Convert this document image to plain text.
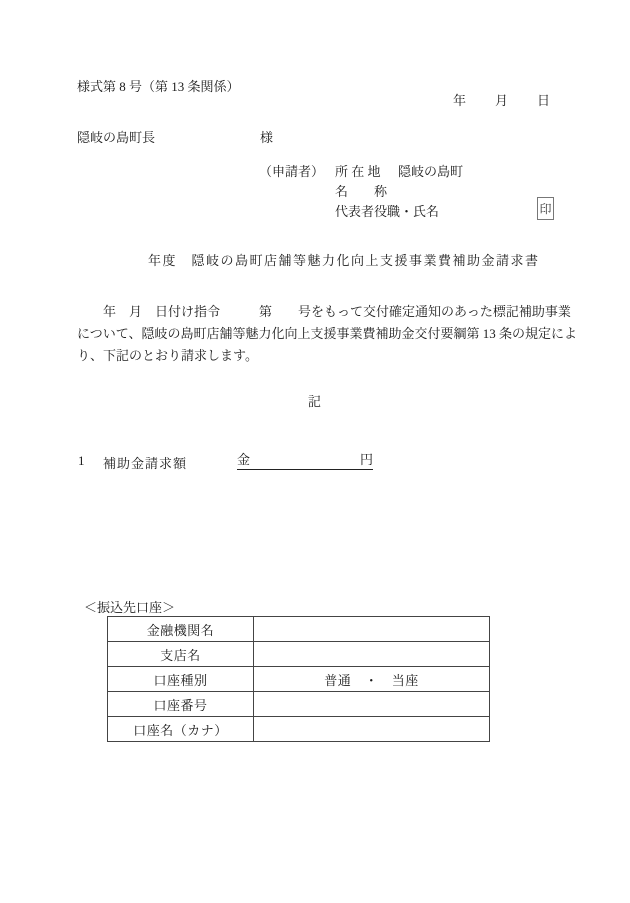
様式第 8 号（第 13 条関係）
年　　月　　日
隠岐の島町長	様
（申請者） 所 在 地 隠岐の島町
名　　称
代表者役職・氏名	印
年度　隠岐の島町店舗等魅力化向上支援事業費補助金請求書
　　年　月　日付け指令　　　第　　号をもって交付確定通知のあった標記補助事業
について、隠岐の島町店舗等魅力化向上支援事業費補助金交付要綱第 13 条の規定によ
り、下記のとおり請求します。
記
1 補助金請求額	金	円
＜振込先口座＞
金融機関名
支店名
口座種別	普通　・　当座
口座番号
口座名（カナ）
